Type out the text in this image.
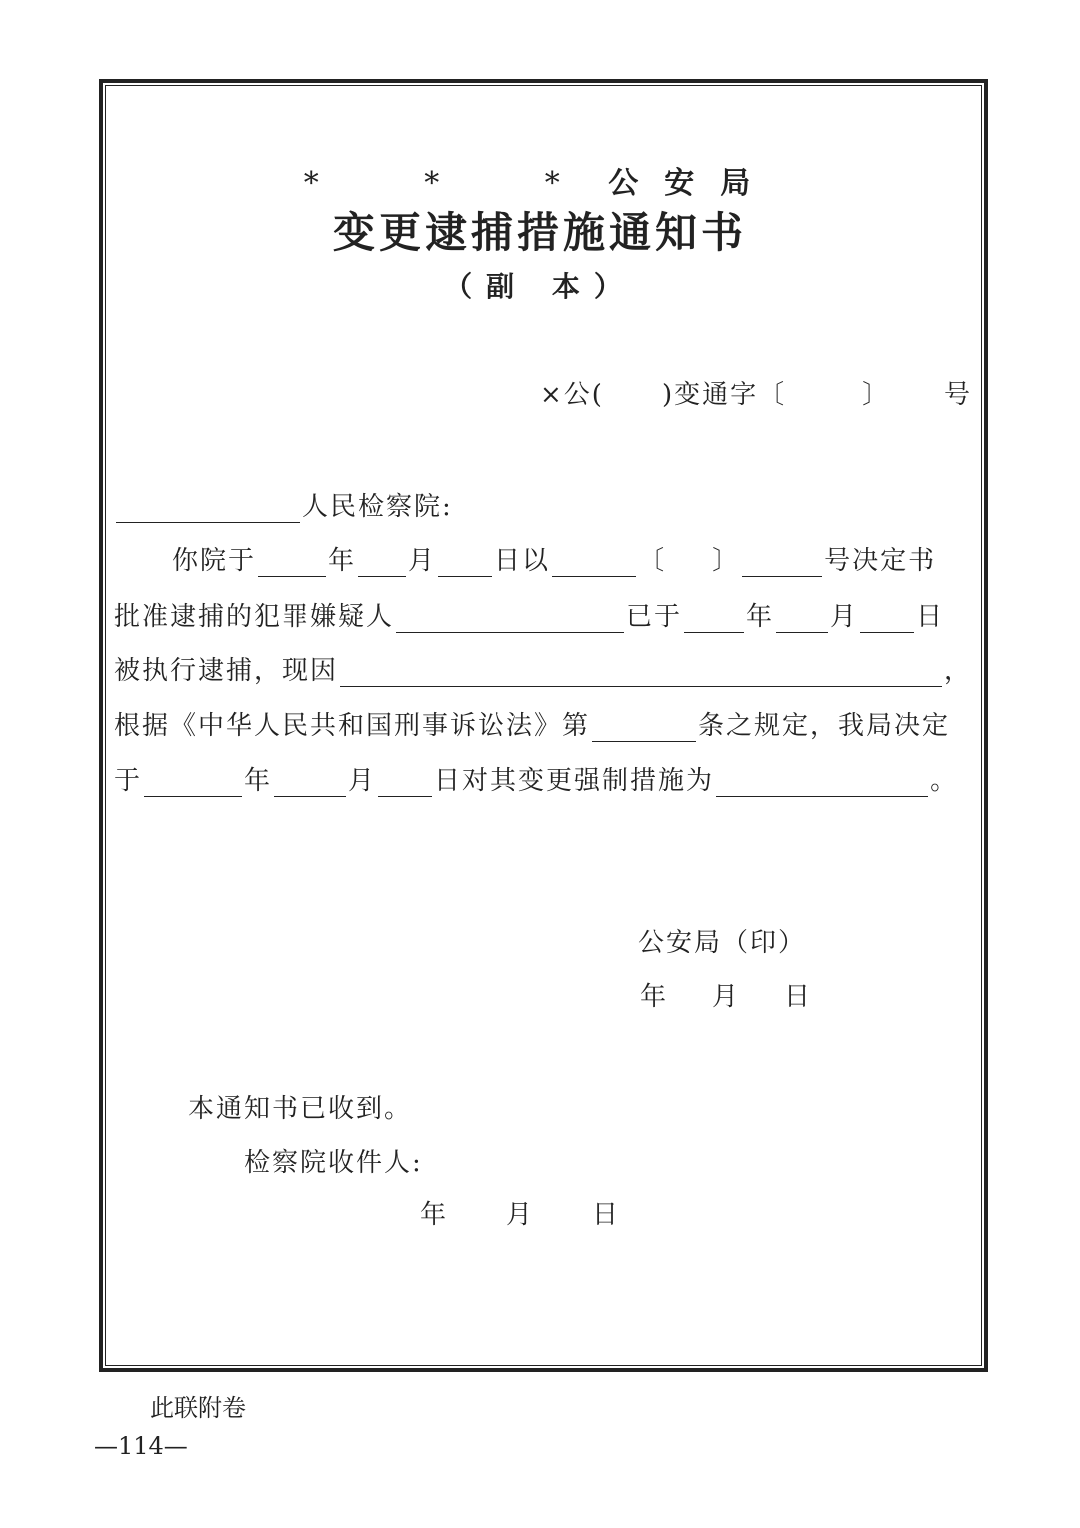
* * * 公安局
变更逮捕措施通知书
（副 本）
×公( )变通字〔	〕 号
人民检察院:
你院于	年 月 日以	〔 〕	号决定书
批准逮捕的犯罪嫌疑人	已于 年 月 日
被执行逮捕，现因	，
根据《中华人民共和国刑事诉讼法》第	条之规定，我局决定
于	年	月 日对其变更强制措施为	。
公安局（印）
年 月 日
本通知书已收到。
检察院收件人:
年 月 日
此联附卷
—114—
